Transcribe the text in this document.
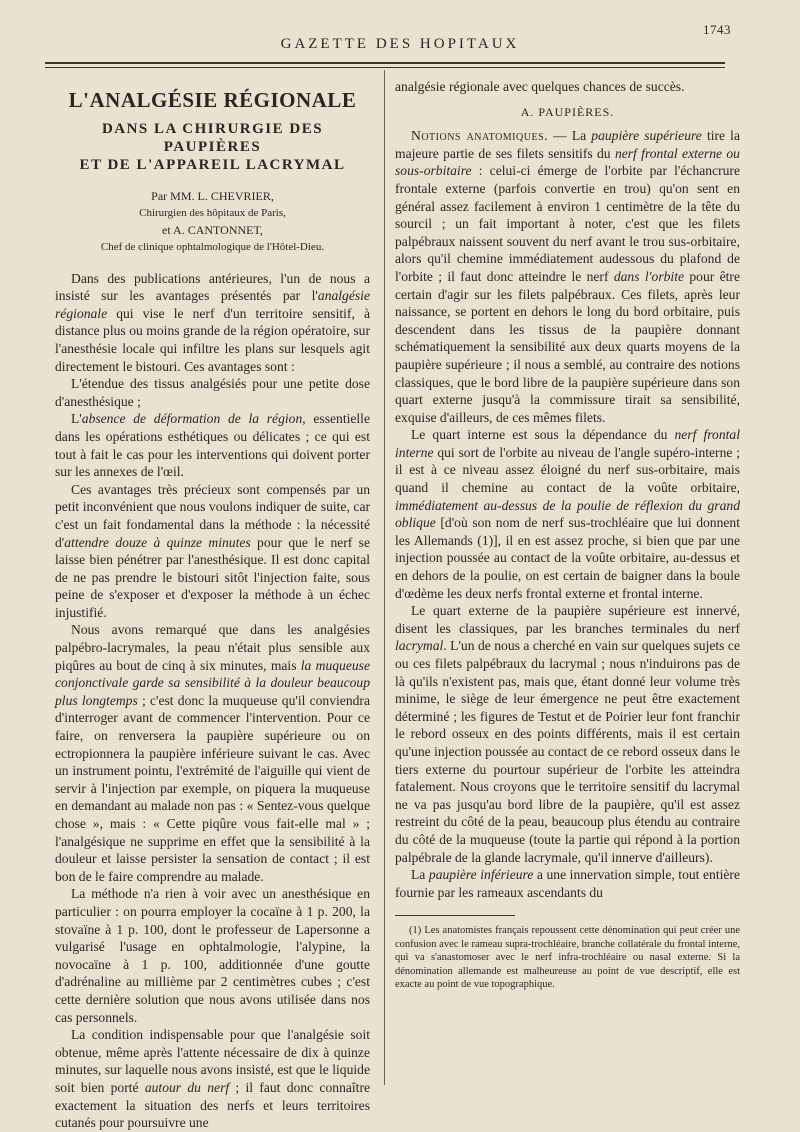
1743
GAZETTE DES HOPITAUX
L'ANALGÉSIE RÉGIONALE
DANS LA CHIRURGIE DES PAUPIÈRES
ET DE L'APPAREIL LACRYMAL
Par MM. L. CHEVRIER,
Chirurgien des hôpitaux de Paris,
et A. CANTONNET,
Chef de clinique ophtalmologique de l'Hôtel-Dieu.

Dans des publications antérieures, l'un de nous a insisté sur les avantages présentés par l'analgésie régionale qui vise le nerf d'un territoire sensitif, à distance plus ou moins grande de la région opératoire, sur l'anesthésie locale qui infiltre les plans sur lesquels agit directement le bistouri. Ces avantages sont :

L'étendue des tissus analgésiés pour une petite dose d'anesthésique ;

L'absence de déformation de la région, essentielle dans les opérations esthétiques ou délicates ; ce qui est tout à fait le cas pour les interventions qui doivent porter sur les annexes de l'œil.

Ces avantages très précieux sont compensés par un petit inconvénient que nous voulons indiquer de suite, car c'est un fait fondamental dans la méthode : la nécessité d'attendre douze à quinze minutes pour que le nerf se laisse bien pénétrer par l'anesthésique. Il est donc capital de ne pas prendre le bistouri sitôt l'injection faite, sous peine de s'exposer et d'exposer la méthode à un échec injustifié.

Nous avons remarqué que dans les analgésies palpébro-lacrymales, la peau n'était plus sensible aux piqûres au bout de cinq à six minutes, mais la muqueuse conjonctivale garde sa sensibilité à la douleur beaucoup plus longtemps ; c'est donc la muqueuse qu'il conviendra d'interroger avant de commencer l'intervention. Pour ce faire, on renversera la paupière supérieure ou on ectropionnera la paupière inférieure suivant le cas. Avec un instrument pointu, l'extrémité de l'aiguille qui vient de servir à l'injection par exemple, on piquera la muqueuse en demandant au malade non pas : « Sentez-vous quelque chose », mais : « Cette piqûre vous fait-elle mal » ; l'analgésique ne supprime en effet que la sensibilité à la douleur et laisse persister la sensation de contact ; il est bon de le faire comprendre au malade.

La méthode n'a rien à voir avec un anesthésique en particulier : on pourra employer la cocaïne à 1 p. 200, la stovaïne à 1 p. 100, dont le professeur de Lapersonne a vulgarisé l'usage en ophtalmologie, l'alypine, la novocaïne à 1 p. 100, additionnée d'une goutte d'adrénaline au millième par 2 centimètres cubes ; c'est cette dernière solution que nous avons utilisée dans nos cas personnels.

La condition indispensable pour que l'analgésie soit obtenue, même après l'attente nécessaire de dix à quinze minutes, sur laquelle nous avons insisté, est que le liquide soit bien porté autour du nerf ; il faut donc connaître exactement la situation des nerfs et leurs territoires cutanés pour poursuivre une

analgésie régionale avec quelques chances de succès.

A. PAUPIÈRES.

Notions anatomiques. — La paupière supérieure tire la majeure partie de ses filets sensitifs du nerf frontal externe ou sous-orbitaire : celui-ci émerge de l'orbite par l'échancrure frontale externe (parfois convertie en trou) qu'on sent en général assez facilement à environ 1 centimètre de la tête du sourcil ; un fait important à noter, c'est que les filets palpébraux naissent souvent du nerf avant le trou sus-orbitaire, alors qu'il chemine immédiatement audessous du plafond de l'orbite ; il faut donc atteindre le nerf dans l'orbite pour être certain d'agir sur les filets palpébraux. Ces filets, après leur naissance, se portent en dehors le long du bord orbitaire, puis descendent dans les tissus de la paupière donnant schématiquement la sensibilité aux deux quarts moyens de la paupière supérieure ; il nous a semblé, au contraire des notions classiques, que le bord libre de la paupière supérieure dans son quart externe jusqu'à la commissure tirait sa sensibilité, exquise d'ailleurs, de ces mêmes filets.

Le quart interne est sous la dépendance du nerf frontal interne qui sort de l'orbite au niveau de l'angle supéro-interne ; il est à ce niveau assez éloigné du nerf sus-orbitaire, mais quand il chemine au contact de la voûte orbitaire, immédiatement au-dessus de la poulie de réflexion du grand oblique [d'où son nom de nerf sus-trochléaire que lui donnent les Allemands (1)], il en est assez proche, si bien que par une injection poussée au contact de la voûte orbitaire, au-dessus et en dehors de la poulie, on est certain de baigner dans la boule d'œdème les deux nerfs frontal externe et frontal interne.

Le quart externe de la paupière supérieure est innervé, disent les classiques, par les branches terminales du nerf lacrymal. L'un de nous a cherché en vain sur quelques sujets ce ou ces filets palpébraux du lacrymal ; nous n'induirons pas de là qu'ils n'existent pas, mais que, étant donné leur volume très minime, le siège de leur émergence ne peut être exactement déterminé ; les figures de Testut et de Poirier leur font franchir le rebord osseux en des points différents, mais il est certain qu'une injection poussée au contact de ce rebord osseux dans le tiers externe du pourtour supérieur de l'orbite les atteindra fatalement. Nous croyons que le territoire sensitif du lacrymal ne va pas jusqu'au bord libre de la paupière, qu'il est assez restreint du côté de la peau, beaucoup plus étendu au contraire du côté de la muqueuse (toute la partie qui répond à la portion palpébrale de la glande lacrymale, qu'il innerve d'ailleurs).

La paupière inférieure a une innervation simple, tout entière fournie par les rameaux ascendants du

(1) Les anatomistes français repoussent cette dénomination qui peut créer une confusion avec le rameau supra-trochléaire, branche collatérale du frontal interne, qui va s'anastomoser avec le nerf infra-trochléaire ou nasal externe. Si la dénomination allemande est malheureuse au point de vue descriptif, elle est exacte au point de vue topographique.
